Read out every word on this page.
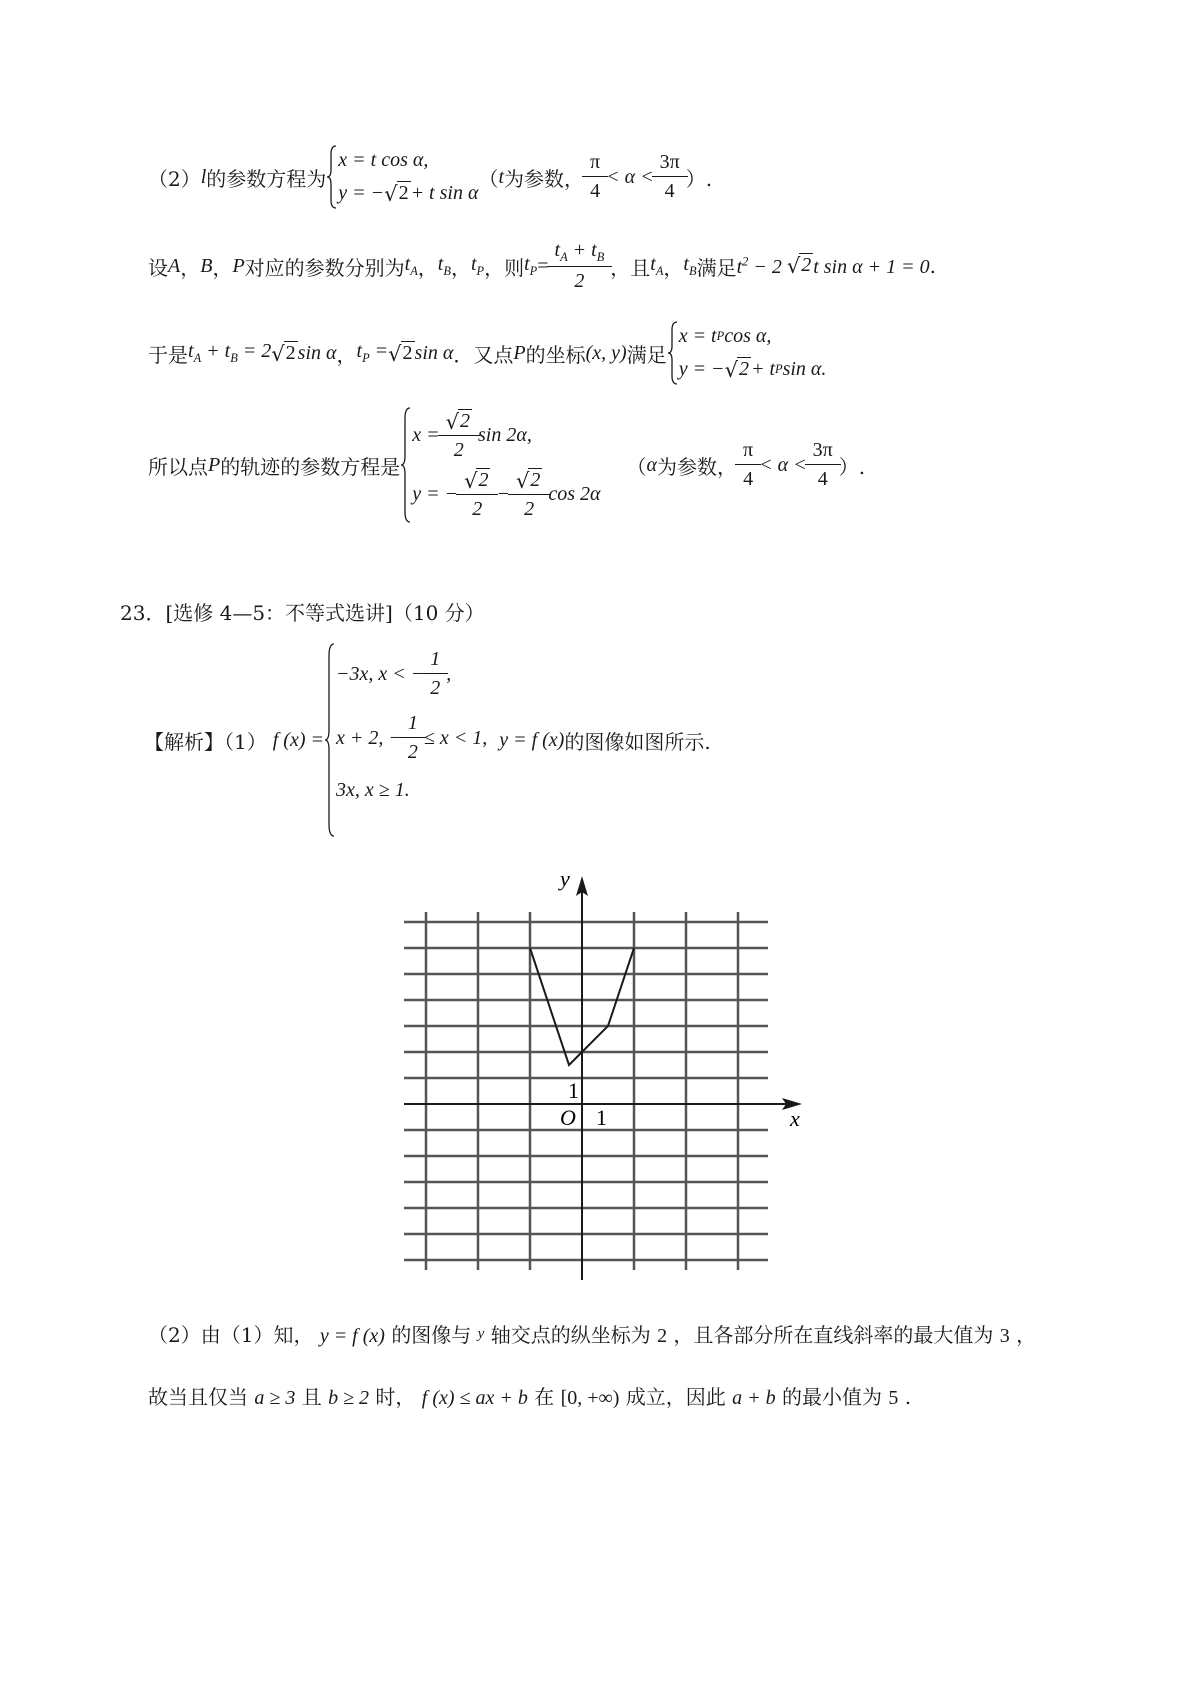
（2） l 的参数方程为
x = t cos α,
y = − √ 2 + t sin α
（ t 为参数， $\frac{\pi}{4} < \alpha < \frac{3\pi}{4}$ ）.
设 A ， B ， P 对应的参数分别为 $t_A$ ， $t_B$ ， $t_P$ ，则 $t_P = \frac{t_A + t_B}{2}$ ，且 $t_A$ ， $t_B$ 满足 $t^2 - 2$ √ 2 t sin α + 1 = 0 .
于是 $t_A + t_B = 2$ √ 2 sin α ， $t_P$ = √ 2 sin α ．又点 P 的坐标 (x, y) 满足
x = t P cos α,
y = − √ 2 + t P sin α.
所以点 P 的轨迹的参数方程是
$x = \frac{√ 2}{2}$ sin 2α,
y = − $\frac{√ 2}{2} - \frac{√ 2}{2}$ cos 2α
（ α 为参数， $\frac{\pi}{4} < \alpha < \frac{3\pi}{4}$ ）.
23．[选修 4—5：不等式选讲]（10 分）
【解析】（1） f (x) =
−3x, x < − $\frac{1}{2}$ ,
x + 2, − $\frac{1}{2} \le x < 1$,
3x, x ≥ 1.
y = f (x) 的图像如图所示.
x
y
O 1
1
（2）由（1）知， y = f (x) 的图像与 $^y$ 轴交点的纵坐标为 2 ，且各部分所在直线斜率的最大值为 3 ，
故当且仅当 a ≥ 3 且 b ≥ 2 时， f (x) ≤ ax + b 在 [0, +∞) 成立，因此 a + b 的最小值为 5 .
